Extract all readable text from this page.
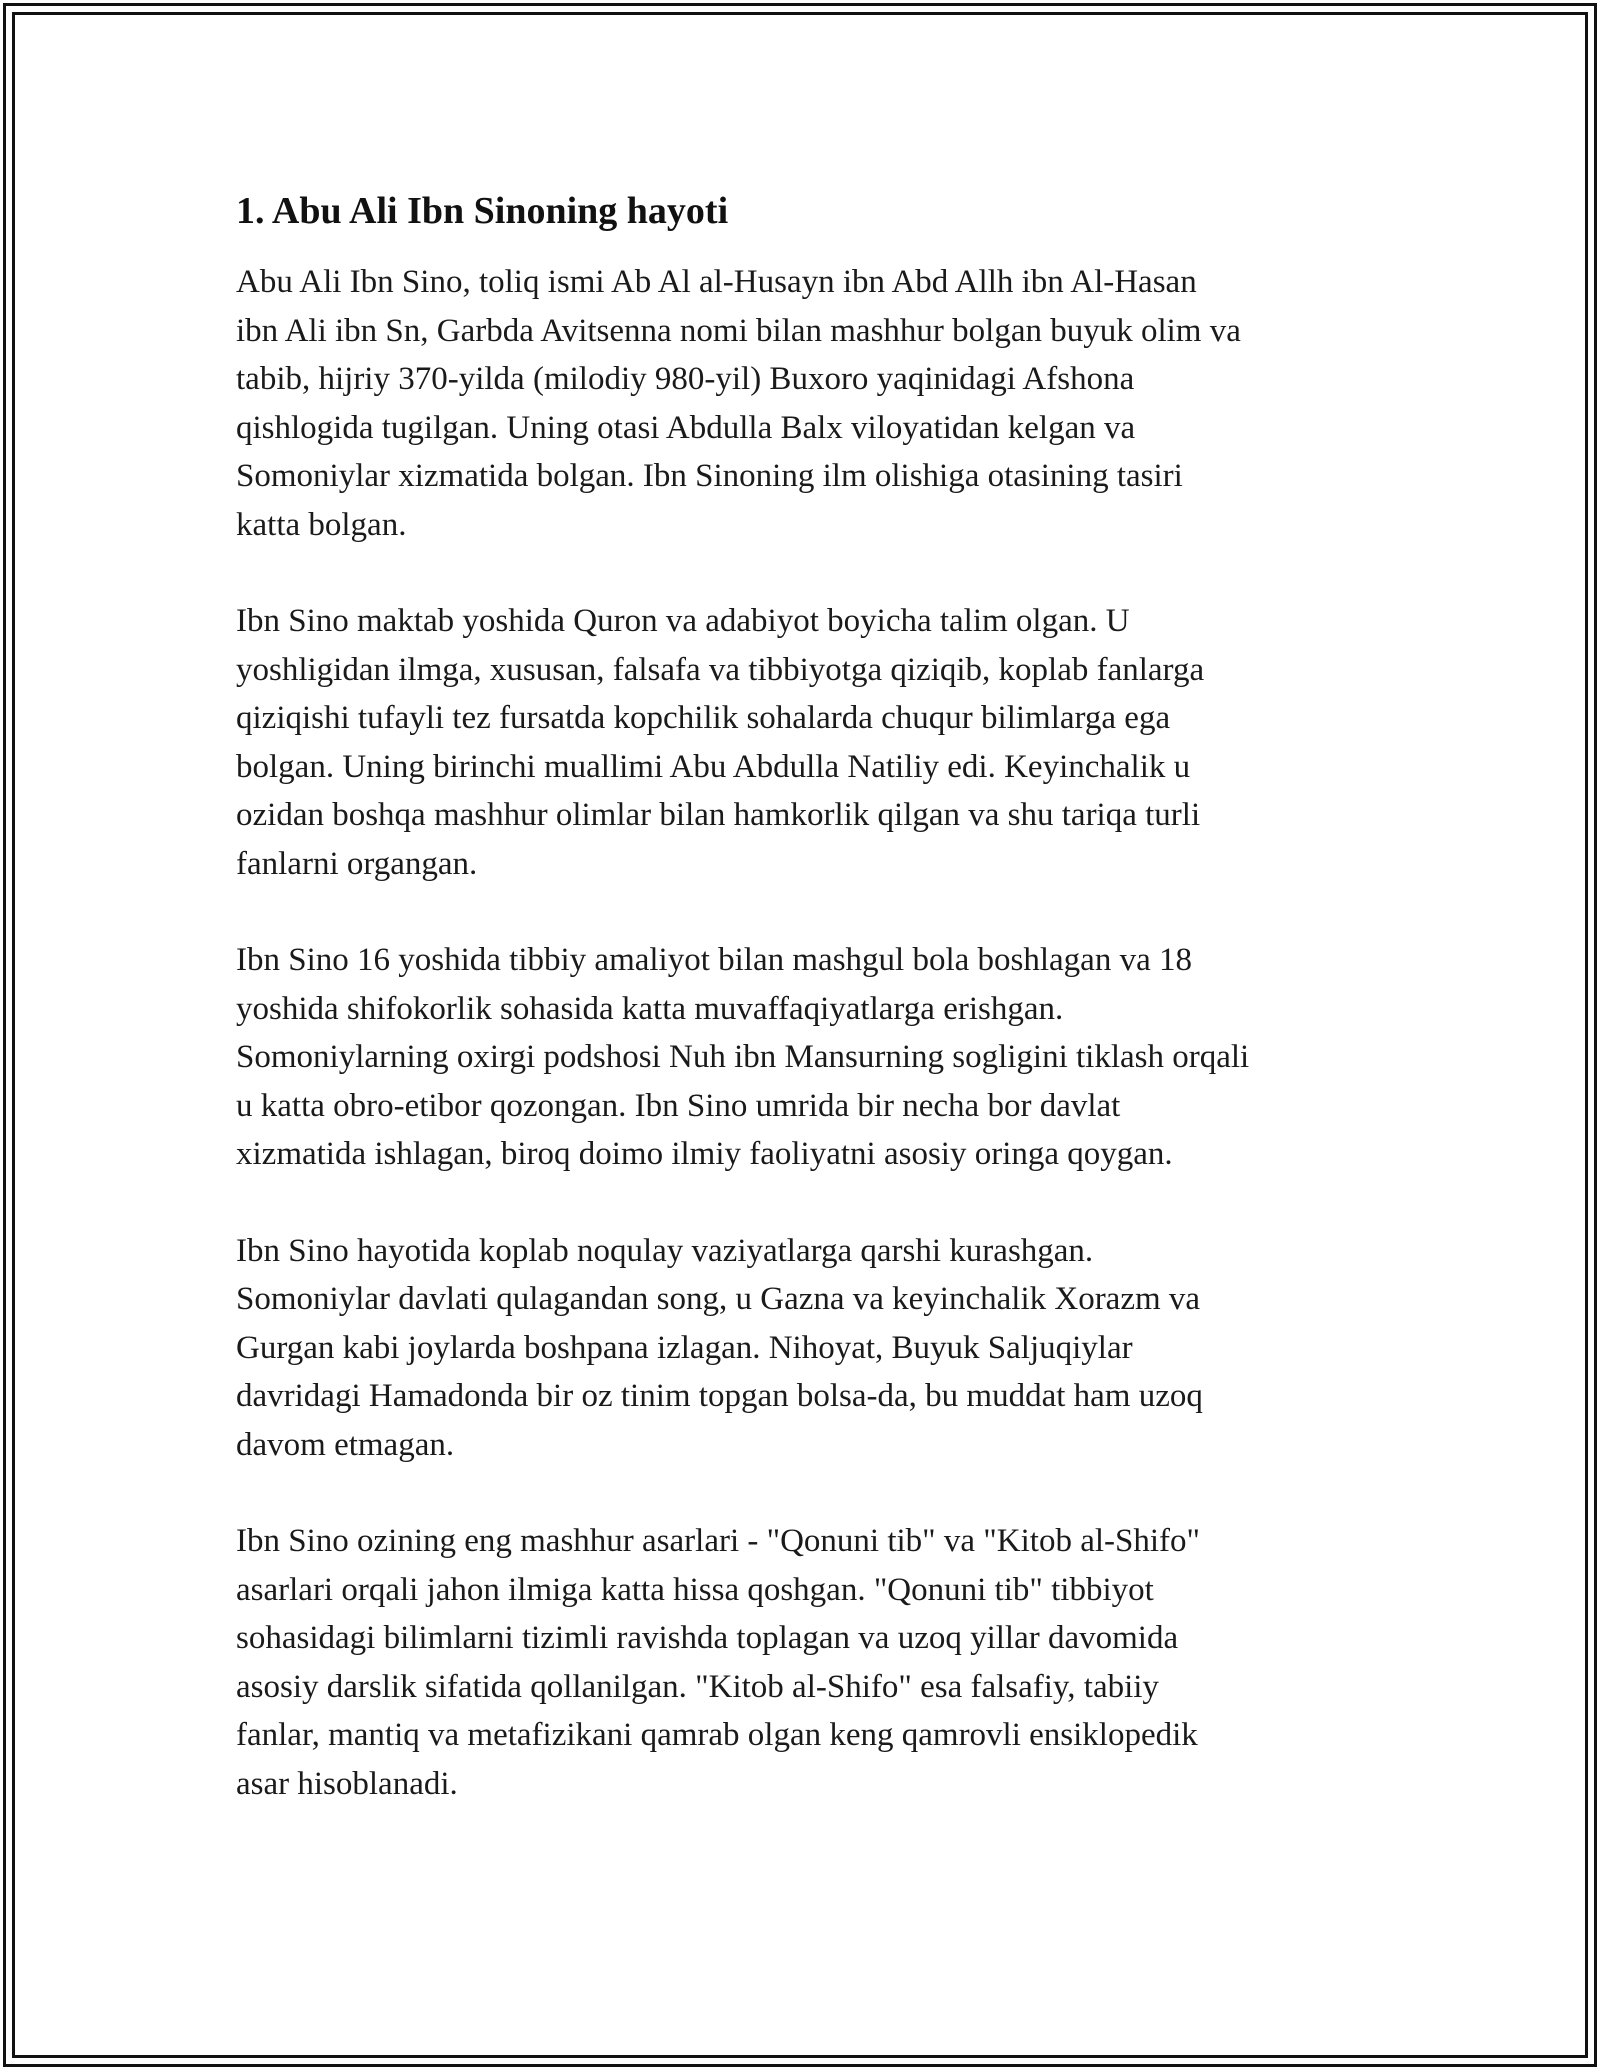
1. Abu Ali Ibn Sinoning hayoti

Abu Ali Ibn Sino, toliq ismi Ab Al al-Husayn ibn Abd Allh ibn Al-Hasan
ibn Ali ibn Sn, Garbda Avitsenna nomi bilan mashhur bolgan buyuk olim va
tabib, hijriy 370-yilda (milodiy 980-yil) Buxoro yaqinidagi Afshona
qishlogida tugilgan. Uning otasi Abdulla Balx viloyatidan kelgan va
Somoniylar xizmatida bolgan. Ibn Sinoning ilm olishiga otasining tasiri
katta bolgan.

Ibn Sino maktab yoshida Quron va adabiyot boyicha talim olgan. U
yoshligidan ilmga, xususan, falsafa va tibbiyotga qiziqib, koplab fanlarga
qiziqishi tufayli tez fursatda kopchilik sohalarda chuqur bilimlarga ega
bolgan. Uning birinchi muallimi Abu Abdulla Natiliy edi. Keyinchalik u
ozidan boshqa mashhur olimlar bilan hamkorlik qilgan va shu tariqa turli
fanlarni organgan.

Ibn Sino 16 yoshida tibbiy amaliyot bilan mashgul bola boshlagan va 18
yoshida shifokorlik sohasida katta muvaffaqiyatlarga erishgan.
Somoniylarning oxirgi podshosi Nuh ibn Mansurning sogligini tiklash orqali
u katta obro-etibor qozongan. Ibn Sino umrida bir necha bor davlat
xizmatida ishlagan, biroq doimo ilmiy faoliyatni asosiy oringa qoygan.

Ibn Sino hayotida koplab noqulay vaziyatlarga qarshi kurashgan.
Somoniylar davlati qulagandan song, u Gazna va keyinchalik Xorazm va
Gurgan kabi joylarda boshpana izlagan. Nihoyat, Buyuk Saljuqiylar
davridagi Hamadonda bir oz tinim topgan bolsa-da, bu muddat ham uzoq
davom etmagan.

Ibn Sino ozining eng mashhur asarlari - "Qonuni tib" va "Kitob al-Shifo"
asarlari orqali jahon ilmiga katta hissa qoshgan. "Qonuni tib" tibbiyot
sohasidagi bilimlarni tizimli ravishda toplagan va uzoq yillar davomida
asosiy darslik sifatida qollanilgan. "Kitob al-Shifo" esa falsafiy, tabiiy
fanlar, mantiq va metafizikani qamrab olgan keng qamrovli ensiklopedik
asar hisoblanadi.
